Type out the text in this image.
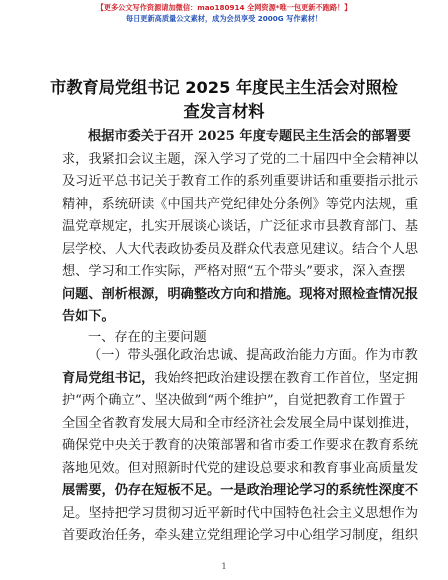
【更多公文写作资源请加微信：mao180914 全网资源*唯一包更新不跑路！】
每日更新高质量公文素材，成为会员享受 2000G 写作素材！
市教育局党组书记 2025 年度民主生活会对照检
查发言材料
根据市委关于召开 2025 年度专题民主生活会的部署要
求，我紧扣会议主题，深入学习了党的二十届四中全会精神以
及习近平总书记关于教育工作的系列重要讲话和重要指示批示
精神，系统研读《中国共产党纪律处分条例》等党内法规，重
温党章规定，扎实开展谈心谈话，广泛征求市县教育部门、基
层学校、人大代表政协委员及群众代表意见建议。结合个人思
想、学习和工作实际，严格对照“五个带头”要求，深入查摆
问题、剖析根源，明确整改方向和措施。现将对照检查情况报
告如下。
一、存在的主要问题
（一）带头强化政治忠诚、提高政治能力方面。作为市教
育局党组书记，我始终把政治建设摆在教育工作首位，坚定拥
护“两个确立”、坚决做到“两个维护”，自觉把教育工作置于
全国全省教育发展大局和全市经济社会发展全局中谋划推进，
确保党中央关于教育的决策部署和省市委工作要求在教育系统
落地见效。但对照新时代党的建设总要求和教育事业高质量发
展需要，仍存在短板不足。一是政治理论学习的系统性深度不
足。坚持把学习贯彻习近平新时代中国特色社会主义思想作为
首要政治任务，牵头建立党组理论学习中心组学习制度，组织
1
